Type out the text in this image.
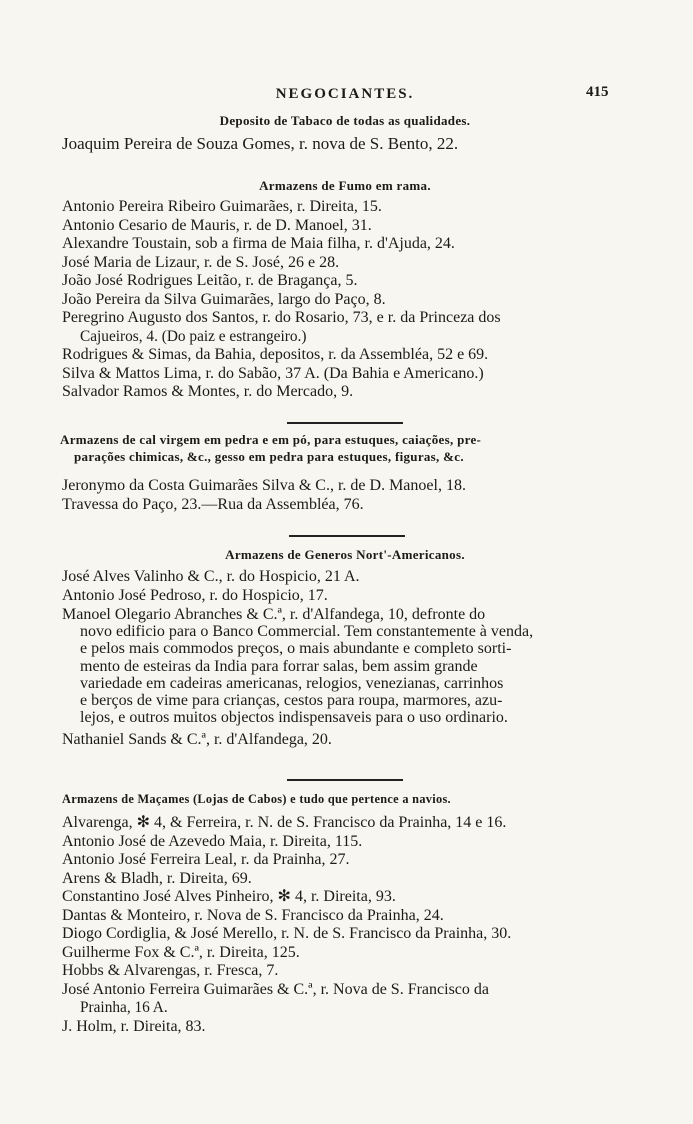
NEGOCIANTES.	415
Deposito de Tabaco de todas as qualidades.
Joaquim Pereira de Souza Gomes, r. nova de S. Bento, 22.
Armazens de Fumo em rama.
Antonio Pereira Ribeiro Guimarães, r. Direita, 15.
Antonio Cesario de Mauris, r. de D. Manoel, 31.
Alexandre Toustain, sob a firma de Maia filha, r. d'Ajuda, 24.
José Maria de Lizaur, r. de S. José, 26 e 28.
João José Rodrigues Leitão, r. de Bragança, 5.
João Pereira da Silva Guimarães, largo do Paço, 8.
Peregrino Augusto dos Santos, r. do Rosario, 73, e r. da Princeza dos
Cajueiros, 4. (Do paiz e estrangeiro.)
Rodrigues & Simas, da Bahia, depositos, r. da Assembléa, 52 e 69.
Silva & Mattos Lima, r. do Sabão, 37 A. (Da Bahia e Americano.)
Salvador Ramos & Montes, r. do Mercado, 9.
Armazens de cal virgem em pedra e em pó, para estuques, caiações, pre-
parações chimicas, &c., gesso em pedra para estuques, figuras, &c.
Jeronymo da Costa Guimarães Silva & C., r. de D. Manoel, 18.
Travessa do Paço, 23.—Rua da Assembléa, 76.
Armazens de Generos Nort'-Americanos.
José Alves Valinho & C., r. do Hospicio, 21 A.
Antonio José Pedroso, r. do Hospicio, 17.
Manoel Olegario Abranches & C.ª, r. d'Alfandega, 10, defronte do
novo edificio para o Banco Commercial. Tem constantemente à venda,
e pelos mais commodos preços, o mais abundante e completo sorti-
mento de esteiras da India para forrar salas, bem assim grande
variedade em cadeiras americanas, relogios, venezianas, carrinhos
e berços de vime para crianças, cestos para roupa, marmores, azu-
lejos, e outros muitos objectos indispensaveis para o uso ordinario.
Nathaniel Sands & C.ª, r. d'Alfandega, 20.
Armazens de Maçames (Lojas de Cabos) e tudo que pertence a navios.
Alvarenga, ✻ 4, & Ferreira, r. N. de S. Francisco da Prainha, 14 e 16.
Antonio José de Azevedo Maia, r. Direita, 115.
Antonio José Ferreira Leal, r. da Prainha, 27.
Arens & Bladh, r. Direita, 69.
Constantino José Alves Pinheiro, ✻ 4, r. Direita, 93.
Dantas & Monteiro, r. Nova de S. Francisco da Prainha, 24.
Diogo Cordiglia, & José Merello, r. N. de S. Francisco da Prainha, 30.
Guilherme Fox & C.ª, r. Direita, 125.
Hobbs & Alvarengas, r. Fresca, 7.
José Antonio Ferreira Guimarães & C.ª, r. Nova de S. Francisco da
Prainha, 16 A.
J. Holm, r. Direita, 83.
